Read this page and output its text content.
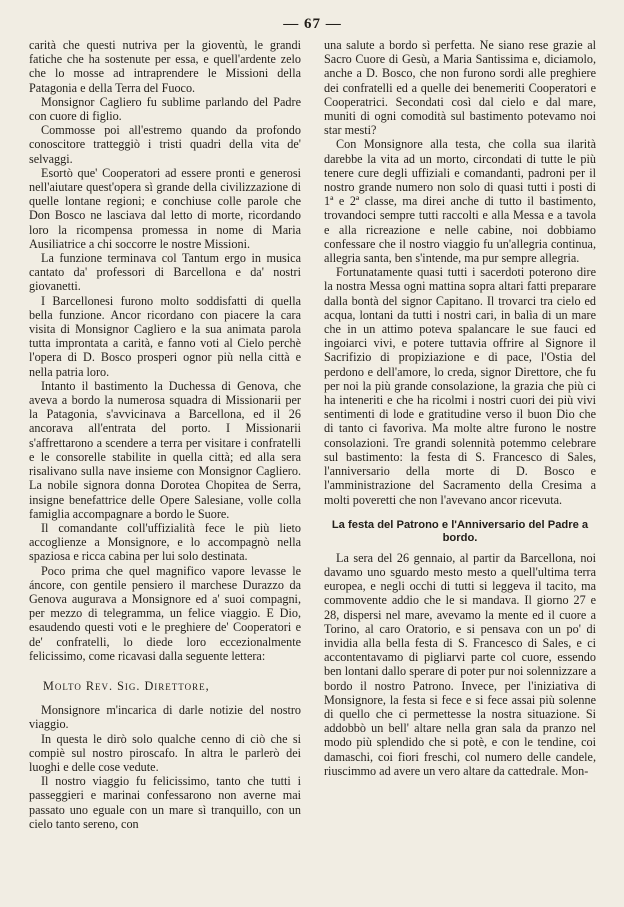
— 67 —

carità che questi nutriva per la gioventù, le grandi fatiche che ha sostenute per essa, e quell'ardente zelo che lo mosse ad intraprendere le Missioni della Patagonia e della Terra del Fuoco.

Monsignor Cagliero fu sublime parlando del Padre con cuore di figlio.

Commosse poi all'estremo quando da profondo conoscitore tratteggiò i tristi quadri della vita de' selvaggi.

Esortò que' Cooperatori ad essere pronti e generosi nell'aiutare quest'opera sì grande della civilizzazione di quelle lontane regioni; e conchiuse colle parole che Don Bosco ne lasciava dal letto di morte, ricordando loro la ricompensa promessa in nome di Maria Ausiliatrice a chi soccorre le nostre Missioni.

La funzione terminava col Tantum ergo in musica cantato da' professori di Barcellona e da' nostri giovanetti.

I Barcellonesi furono molto soddisfatti di quella bella funzione. Ancor ricordano con piacere la cara visita di Monsignor Cagliero e la sua animata parola tutta improntata a carità, e fanno voti al Cielo perchè l'opera di D. Bosco prosperi ognor più nella città e nella patria loro.

Intanto il bastimento la Duchessa di Genova, che aveva a bordo la numerosa squadra di Missionarii per la Patagonia, s'avvicinava a Barcellona, ed il 26 ancorava all'entrata del porto. I Missionarii s'affrettarono a scendere a terra per visitare i confratelli e le consorelle stabilite in quella città; ed alla sera risalivano sulla nave insieme con Monsignor Cagliero. La nobile signora donna Dorotea Chopitea de Serra, insigne benefattrice delle Opere Salesiane, volle colla famiglia accompagnare a bordo le Suore.

Il comandante coll'uffizialità fece le più lieto accoglienze a Monsignore, e lo accompagnò nella spaziosa e ricca cabina per lui solo destinata.

Poco prima che quel magnifico vapore levasse le áncore, con gentile pensiero il marchese Durazzo da Genova augurava a Monsignore ed a' suoi compagni, per mezzo di telegramma, un felice viaggio. E Dio, esaudendo questi voti e le preghiere de' Cooperatori e de' confratelli, lo diede loro eccezionalmente felicissimo, come ricavasi dalla seguente lettera:

Molto Rev. Sig. Direttore,

Monsignore m'incarica di darle notizie del nostro viaggio.

In questa le dirò solo qualche cenno di ciò che si compiè sul nostro piroscafo. In altra le parlerò dei luoghi e delle cose vedute.

Il nostro viaggio fu felicissimo, tanto che tutti i passeggieri e marinai confessarono non averne mai passato uno eguale con un mare sì tranquillo, con un cielo tanto sereno, con

una salute a bordo sì perfetta. Ne siano rese grazie al Sacro Cuore di Gesù, a Maria Santissima e, diciamolo, anche a D. Bosco, che non furono sordi alle preghiere dei confratelli ed a quelle dei benemeriti Cooperatori e Cooperatrici. Secondati così dal cielo e dal mare, muniti di ogni comodità sul bastimento potevamo noi star mesti?

Con Monsignore alla testa, che colla sua ilarità darebbe la vita ad un morto, circondati di tutte le più tenere cure degli uffiziali e comandanti, padroni per il nostro grande numero non solo di quasi tutti i posti di 1ª e 2ª classe, ma direi anche di tutto il bastimento, trovandoci sempre tutti raccolti e alla Messa e a tavola e alla ricreazione e nelle cabine, noi dobbiamo confessare che il nostro viaggio fu un'allegria continua, allegria santa, ben s'intende, ma pur sempre allegria.

Fortunatamente quasi tutti i sacerdoti poterono dire la nostra Messa ogni mattina sopra altari fatti preparare dalla bontà del signor Capitano. Il trovarci tra cielo ed acqua, lontani da tutti i nostri cari, in balìa di un mare che in un attimo poteva spalancare le sue fauci ed ingoiarci vivi, e potere tuttavia offrire al Signore il Sacrifizio di propiziazione e di pace, l'Ostia del perdono e dell'amore, lo creda, signor Direttore, che fu per noi la più grande consolazione, la grazia che più ci ha inteneriti e che ha ricolmi i nostri cuori dei più vivi sentimenti di lode e gratitudine verso il buon Dio che di tanto ci favoriva. Ma molte altre furono le nostre consolazioni. Tre grandi solennità potemmo celebrare sul bastimento: la festa di S. Francesco di Sales, l'anniversario della morte di D. Bosco e l'amministrazione del Sacramento della Cresima a molti poveretti che non l'avevano ancor ricevuta.

La festa del Patrono e l'Anniversario del Padre a bordo.

La sera del 26 gennaio, al partir da Barcellona, noi davamo uno sguardo mesto mesto a quell'ultima terra europea, e negli occhi di tutti si leggeva il tacito, ma commovente addio che le si mandava. Il giorno 27 e 28, dispersi nel mare, avevamo la mente ed il cuore a Torino, al caro Oratorio, e si pensava con un po' di invidia alla bella festa di S. Francesco di Sales, e ci accontentavamo di pigliarvi parte col cuore, essendo ben lontani dallo sperare di poter pur noi solennizzare a bordo il nostro Patrono. Invece, per l'iniziativa di Monsignore, la festa si fece e si fece assai più solenne di quello che ci permettesse la nostra situazione. Si addobbò un bell' altare nella gran sala da pranzo nel modo più splendido che si potè, e con le tendine, coi damaschi, coi fiori freschi, col numero delle candele, riuscimmo ad avere un vero altare da cattedrale. Mon-
